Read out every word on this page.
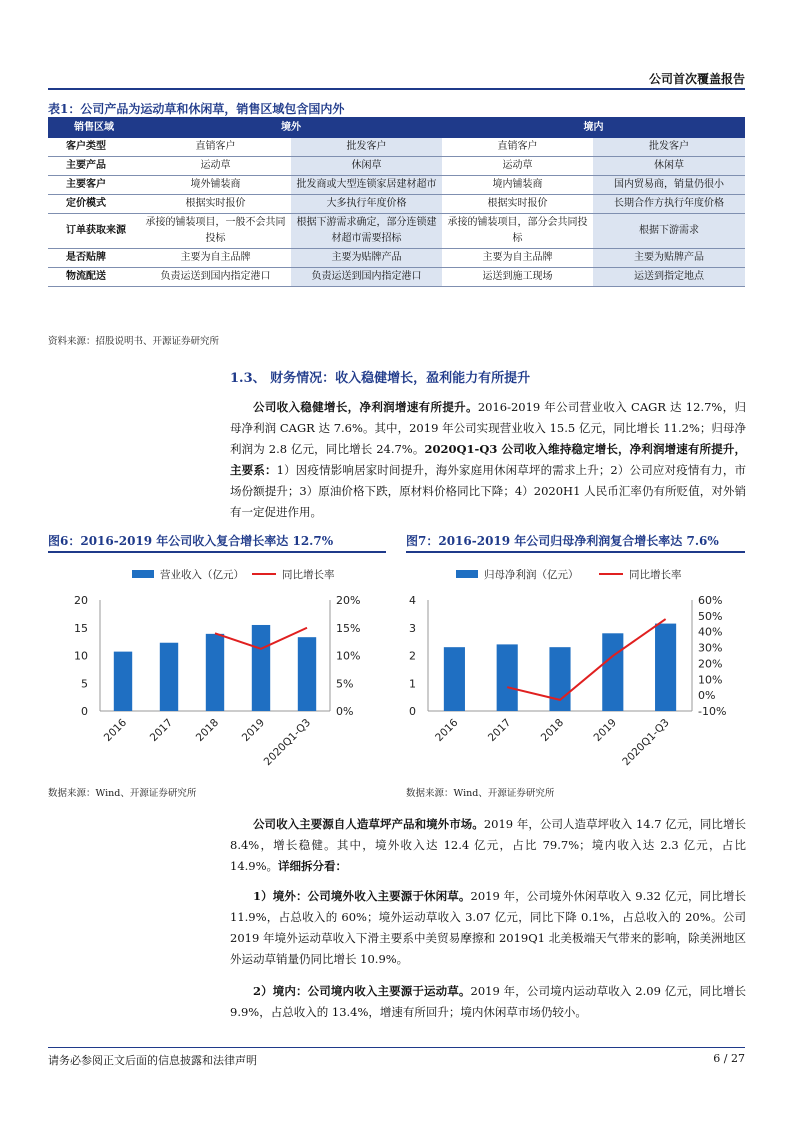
公司首次覆盖报告
表1：公司产品为运动草和休闲草，销售区域包含国内外
销售区域	境外		境内	
客户类型	直销客户	批发客户	直销客户	批发客户
主要产品	运动草	休闲草	运动草	休闲草
主要客户	境外铺装商	批发商或大型连锁家居建材超市	境内铺装商	国内贸易商，销量仍很小
定价模式	根据实时报价	大多执行年度价格	根据实时报价	长期合作方执行年度价格
订单获取来源	承接的铺装项目，一般不会共同投标	根据下游需求确定，部分连锁建材超市需要招标	承接的铺装项目，部分会共同投标	根据下游需求
是否贴牌	主要为自主品牌	主要为贴牌产品	主要为自主品牌	主要为贴牌产品
物流配送	负责运送到国内指定港口	负责运送到国内指定港口	运送到施工现场	运送到指定地点
资料来源：招股说明书、开源证券研究所
1.3、 财务情况：收入稳健增长，盈利能力有所提升
公司收入稳健增长，净利润增速有所提升。2016-2019 年公司营业收入 CAGR 达 12.7%，归母净利润 CAGR 达 7.6%。其中，2019 年公司实现营业收入 15.5 亿元，同比增长 11.2%；归母净利润为 2.8 亿元，同比增长 24.7%。2020Q1-Q3 公司收入维持稳定增长，净利润增速有所提升，主要系：1）因疫情影响居家时间提升，海外家庭用休闲草坪的需求上升；2）公司应对疫情有力，市场份额提升；3）原油价格下跌，原材料价格同比下降；4）2020H1 人民币汇率仍有所贬值，对外销有一定促进作用。
图6：2016-2019 年公司收入复合增长率达 12.7%
营业收入（亿元）	同比增长率
20
15
10
5
0
20%
15%
10%
5%
0%
2016 2017 2018 2019
2020Q1-Q3
数据来源：Wind、开源证券研究所
图7：2016-2019 年公司归母净利润复合增长率达 7.6%
归母净利润（亿元）	同比增长率
4
3
2
1
0
60%
50%
40%
30%
20%
10%
0%
-10%
2016 2017 2018 2019 2020Q1-Q3
数据来源：Wind、开源证券研究所
公司收入主要源自人造草坪产品和境外市场。2019 年，公司人造草坪收入 14.7 亿元，同比增长 8.4%，增长稳健。其中，境外收入达 12.4 亿元，占比 79.7%；境内收入达 2.3 亿元，占比 14.9%。详细拆分看：
1）境外：公司境外收入主要源于休闲草。2019 年，公司境外休闲草收入 9.32 亿元，同比增长 11.9%，占总收入的 60%；境外运动草收入 3.07 亿元，同比下降 0.1%，占总收入的 20%。公司 2019 年境外运动草收入下滑主要系中美贸易摩擦和 2019Q1 北美极端天气带来的影响，除美洲地区外运动草销量仍同比增长 10.9%。
2）境内：公司境内收入主要源于运动草。2019 年，公司境内运动草收入 2.09 亿元，同比增长 9.9%，占总收入的 13.4%，增速有所回升；境内休闲草市场仍较小。
请务必参阅正文后面的信息披露和法律声明	6 / 27
